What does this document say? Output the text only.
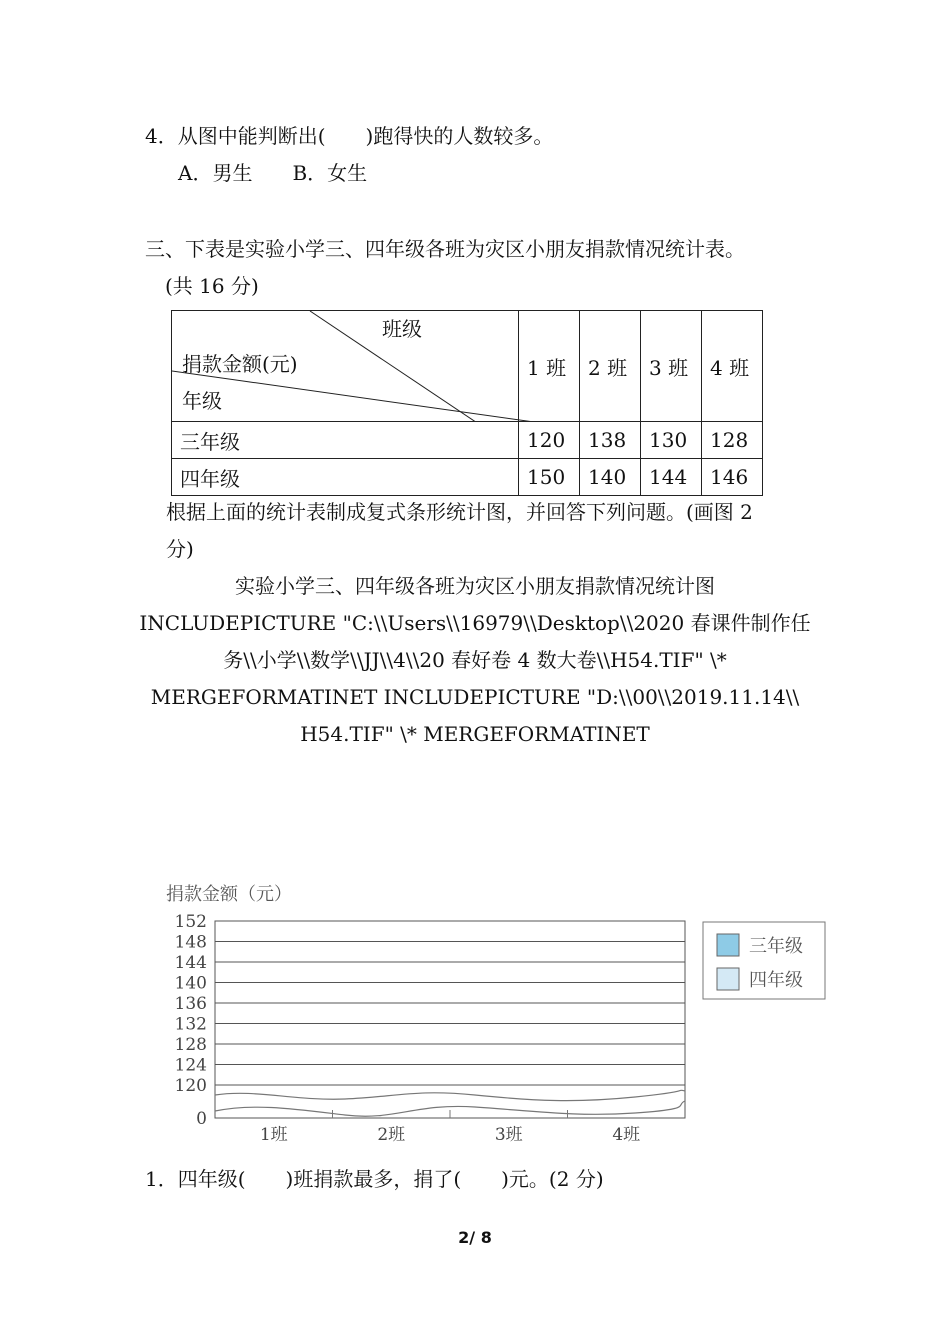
4．从图中能判断出(　　)跑得快的人数较多。
A．男生　　B．女生
三、下表是实验小学三、四年级各班为灾区小朋友捐款情况统计表。
(共 16 分)
班级
捐款金额(元)
年级	1 班	2 班	3 班	4 班
三年级	120	138	130	128
四年级	150	140	144	146
根据上面的统计表制成复式条形统计图，并回答下列问题。(画图 2
分)
实验小学三、四年级各班为灾区小朋友捐款情况统计图
INCLUDEPICTURE "C:\\Users\\16979\\Desktop\\2020 春课件制作任
务\\小学\\数学\\JJ\\4\\20 春好卷 4 数大卷\\H54.TIF" \*
MERGEFORMATINET INCLUDEPICTURE "D:\\00\\2019.11.14\\
H54.TIF" \* MERGEFORMATINET
捐款金额（元）
152
148
144
140
136
132
128
124
120
0
1班	2班	3班	4班
三年级
四年级
1．四年级(　　)班捐款最多，捐了(　　)元。(2 分)
2/ 8
